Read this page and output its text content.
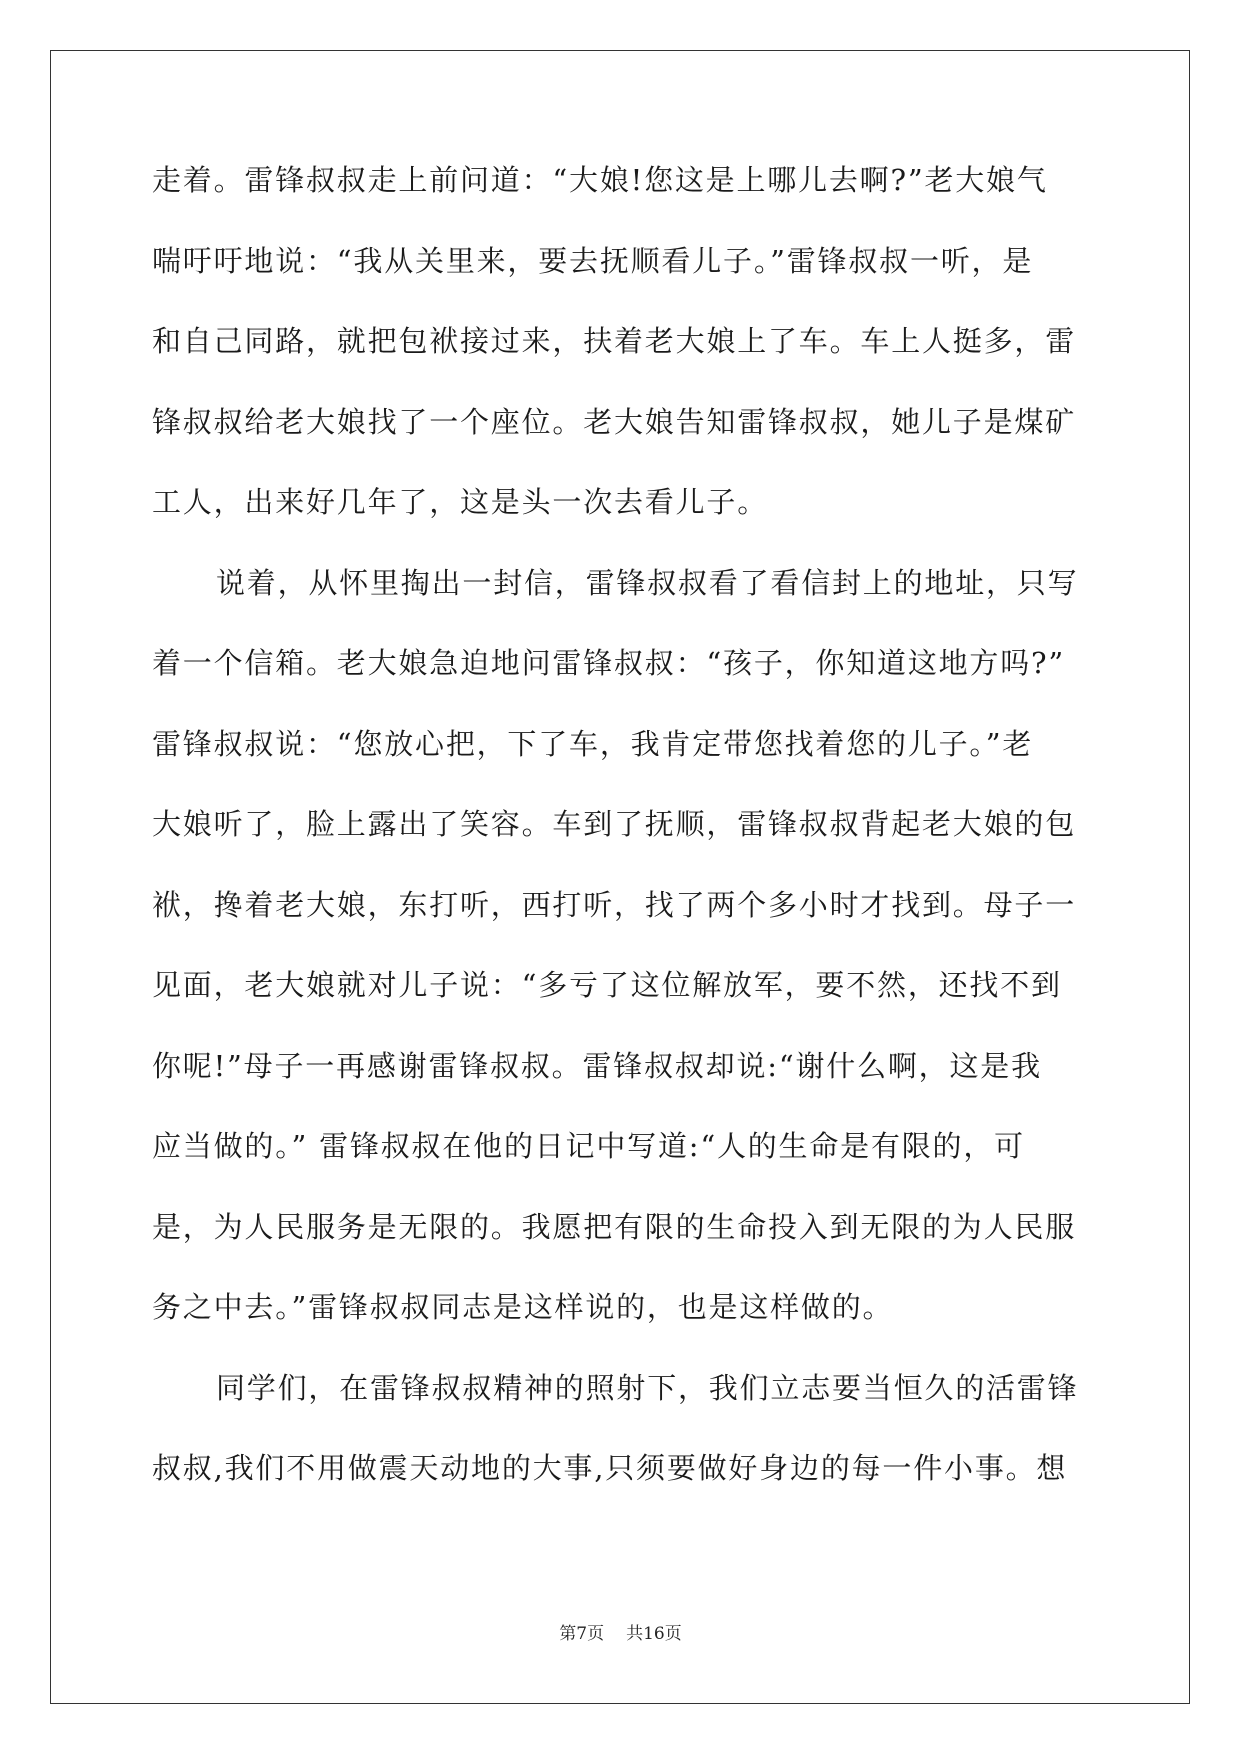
走着。雷锋叔叔走上前问道：“大娘!您这是上哪儿去啊?”老大娘气
喘吁吁地说：“我从关里来，要去抚顺看儿子。”雷锋叔叔一听，是
和自己同路，就把包袱接过来，扶着老大娘上了车。车上人挺多，雷
锋叔叔给老大娘找了一个座位。老大娘告知雷锋叔叔，她儿子是煤矿
工人，出来好几年了，这是头一次去看儿子。
说着，从怀里掏出一封信，雷锋叔叔看了看信封上的地址，只写
着一个信箱。老大娘急迫地问雷锋叔叔：“孩子，你知道这地方吗?”
雷锋叔叔说：“您放心把，下了车，我肯定带您找着您的儿子。”老
大娘听了，脸上露出了笑容。车到了抚顺，雷锋叔叔背起老大娘的包
袱，搀着老大娘，东打听，西打听，找了两个多小时才找到。母子一
见面，老大娘就对儿子说：“多亏了这位解放军，要不然，还找不到
你呢!”母子一再感谢雷锋叔叔。雷锋叔叔却说:“谢什么啊，这是我
应当做的。” 雷锋叔叔在他的日记中写道:“人的生命是有限的，可
是，为人民服务是无限的。我愿把有限的生命投入到无限的为人民服
务之中去。”雷锋叔叔同志是这样说的，也是这样做的。
同学们，在雷锋叔叔精神的照射下，我们立志要当恒久的活雷锋
叔叔,我们不用做震天动地的大事,只须要做好身边的每一件小事。想
第7页 共16页
